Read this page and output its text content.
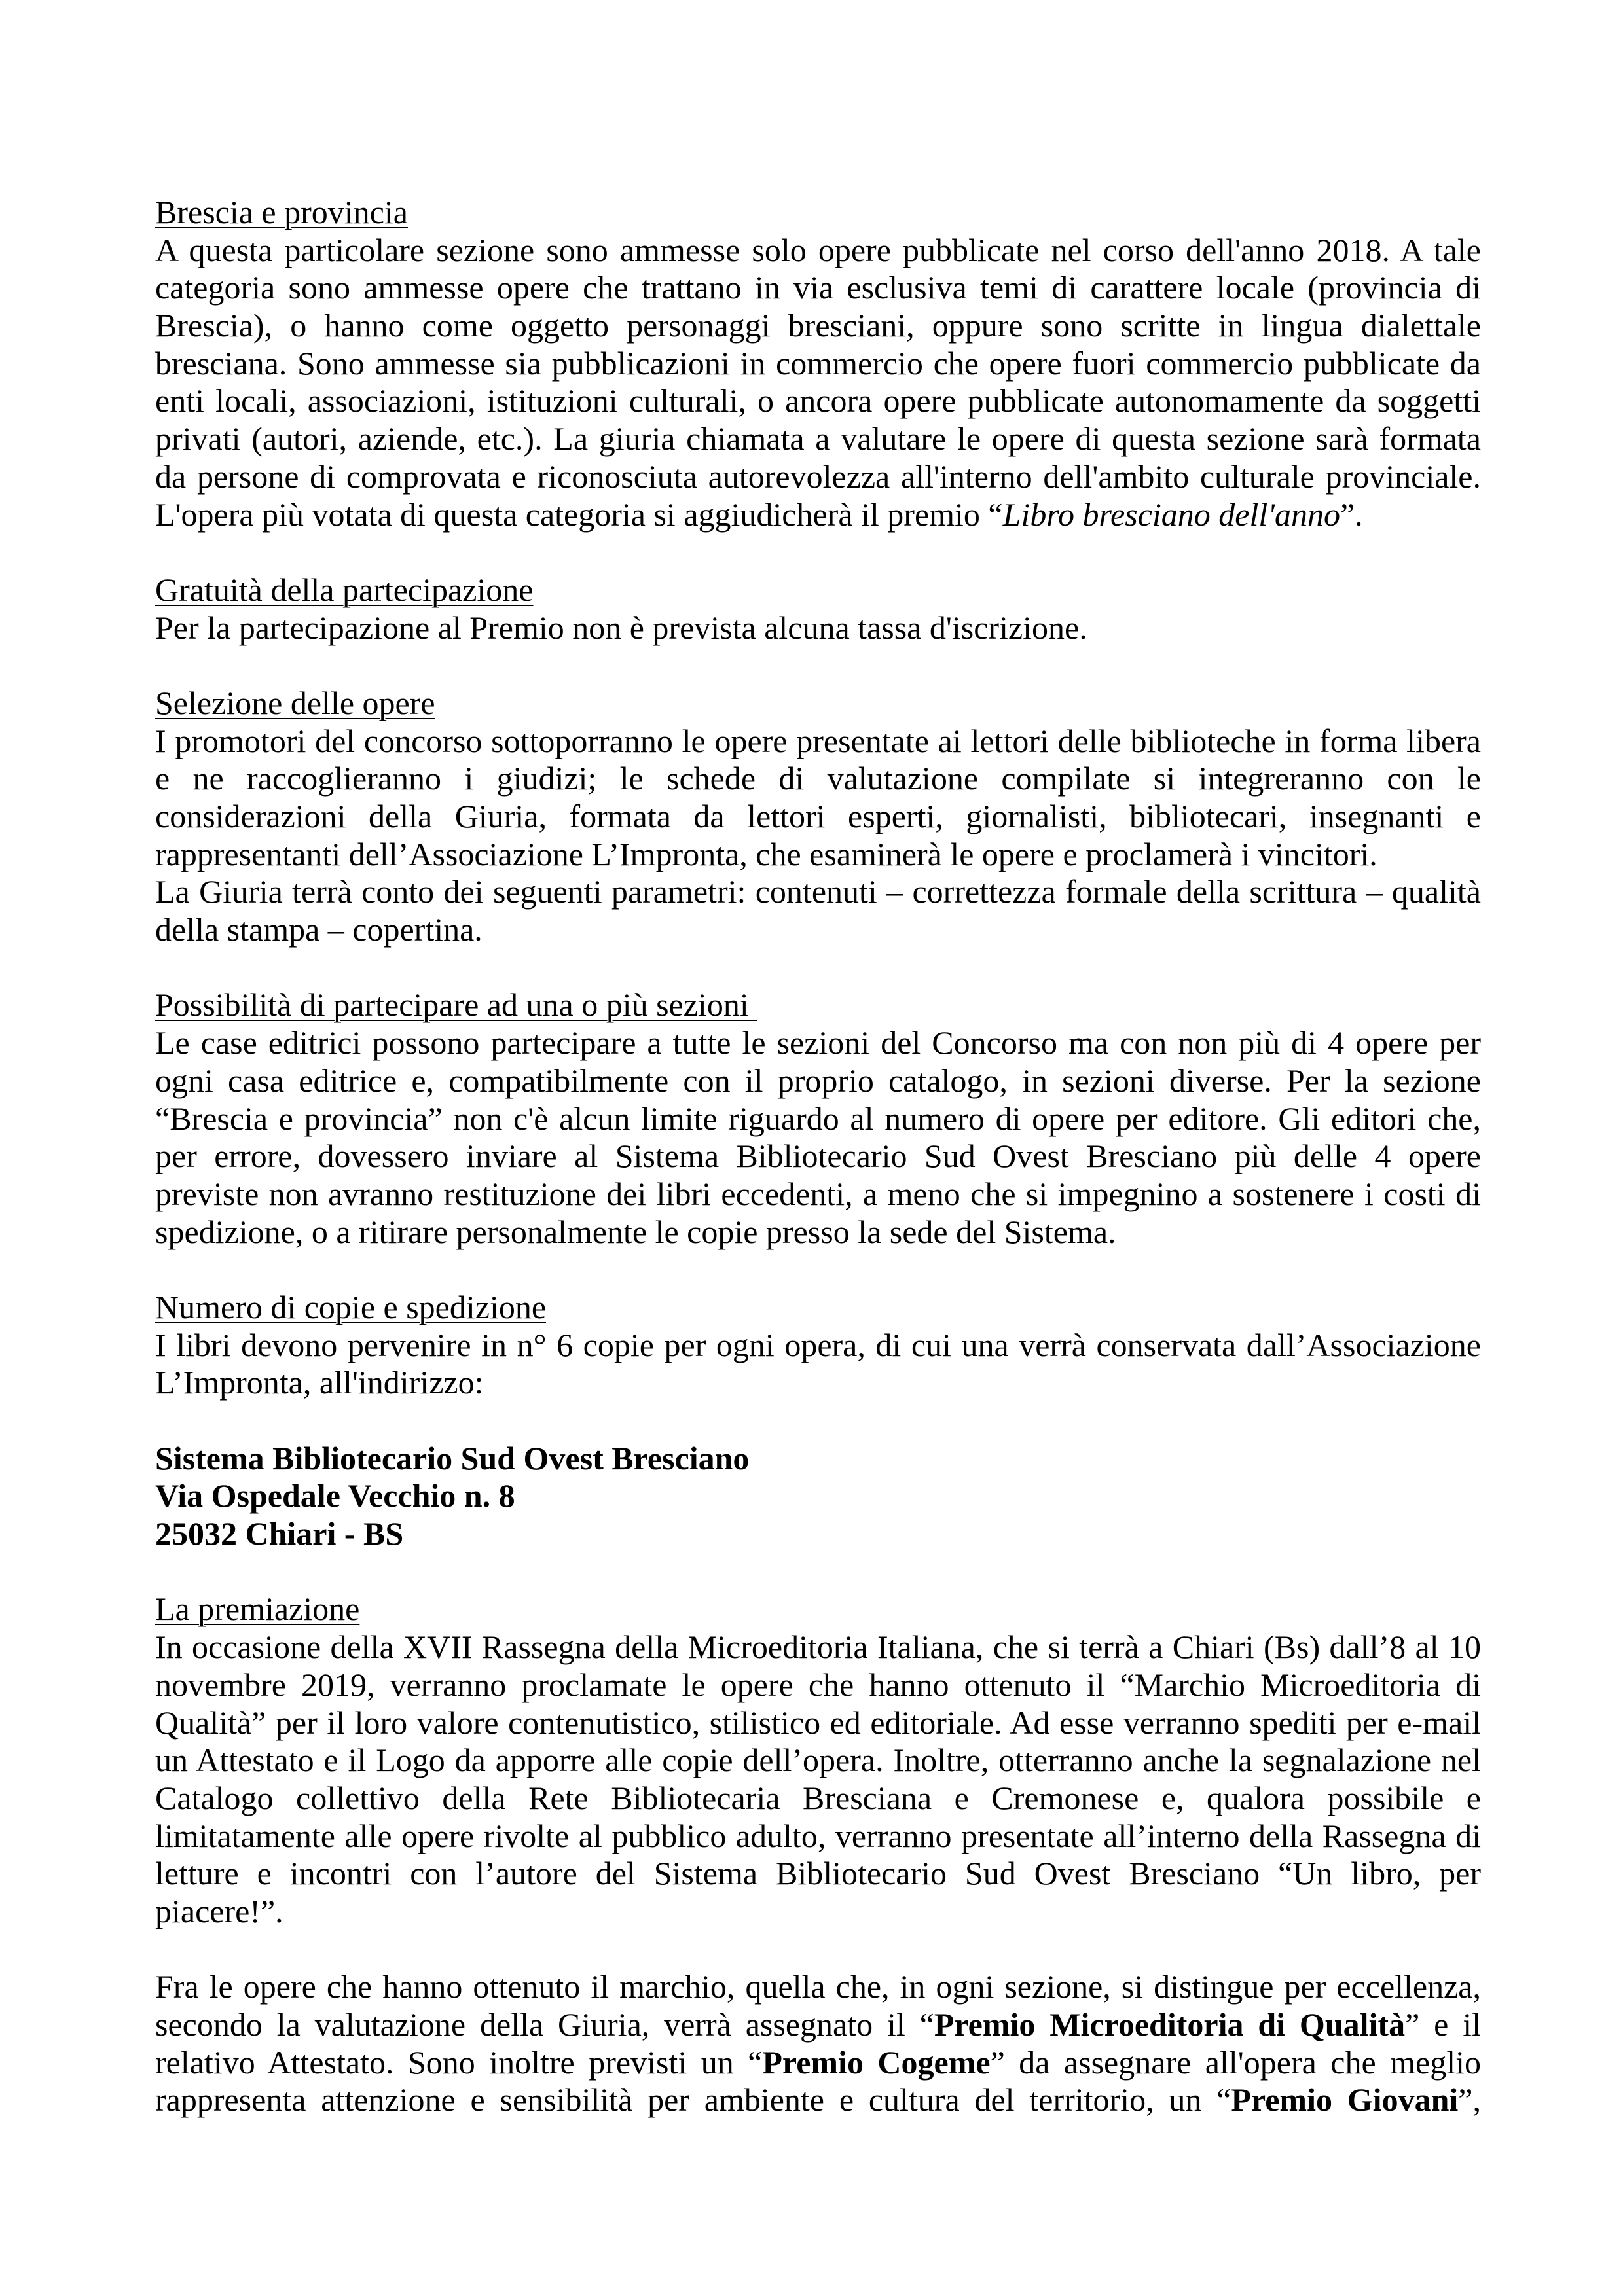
Brescia e provincia
A questa particolare sezione sono ammesse solo opere pubblicate nel corso dell'anno 2018. A tale
categoria sono ammesse opere che trattano in via esclusiva temi di carattere locale (provincia di
Brescia), o hanno come oggetto personaggi bresciani, oppure sono scritte in lingua dialettale
bresciana. Sono ammesse sia pubblicazioni in commercio che opere fuori commercio pubblicate da
enti locali, associazioni, istituzioni culturali, o ancora opere pubblicate autonomamente da soggetti
privati (autori, aziende, etc.). La giuria chiamata a valutare le opere di questa sezione sarà formata
da persone di comprovata e riconosciuta autorevolezza all'interno dell'ambito culturale provinciale.
L'opera più votata di questa categoria si aggiudicherà il premio “Libro bresciano dell'anno”.
Gratuità della partecipazione
Per la partecipazione al Premio non è prevista alcuna tassa d'iscrizione.
Selezione delle opere
I promotori del concorso sottoporranno le opere presentate ai lettori delle biblioteche in forma libera
e ne raccoglieranno i giudizi; le schede di valutazione compilate si integreranno con le
considerazioni della Giuria, formata da lettori esperti, giornalisti, bibliotecari, insegnanti e
rappresentanti dell’Associazione L’Impronta, che esaminerà le opere e proclamerà i vincitori.
La Giuria terrà conto dei seguenti parametri: contenuti – correttezza formale della scrittura – qualità
della stampa – copertina.
Possibilità di partecipare ad una o più sezioni
Le case editrici possono partecipare a tutte le sezioni del Concorso ma con non più di 4 opere per
ogni casa editrice e, compatibilmente con il proprio catalogo, in sezioni diverse. Per la sezione
“Brescia e provincia” non c'è alcun limite riguardo al numero di opere per editore. Gli editori che,
per errore, dovessero inviare al Sistema Bibliotecario Sud Ovest Bresciano più delle 4 opere
previste non avranno restituzione dei libri eccedenti, a meno che si impegnino a sostenere i costi di
spedizione, o a ritirare personalmente le copie presso la sede del Sistema.
Numero di copie e spedizione
I libri devono pervenire in n° 6 copie per ogni opera, di cui una verrà conservata dall’Associazione
L’Impronta, all'indirizzo:
Sistema Bibliotecario Sud Ovest Bresciano
Via Ospedale Vecchio n. 8
25032 Chiari - BS
La premiazione
In occasione della XVII Rassegna della Microeditoria Italiana, che si terrà a Chiari (Bs) dall’8 al 10
novembre 2019, verranno proclamate le opere che hanno ottenuto il “Marchio Microeditoria di
Qualità” per il loro valore contenutistico, stilistico ed editoriale. Ad esse verranno spediti per e-mail
un Attestato e il Logo da apporre alle copie dell’opera. Inoltre, otterranno anche la segnalazione nel
Catalogo collettivo della Rete Bibliotecaria Bresciana e Cremonese e, qualora possibile e
limitatamente alle opere rivolte al pubblico adulto, verranno presentate all’interno della Rassegna di
letture e incontri con l’autore del Sistema Bibliotecario Sud Ovest Bresciano “Un libro, per
piacere!”.
Fra le opere che hanno ottenuto il marchio, quella che, in ogni sezione, si distingue per eccellenza,
secondo la valutazione della Giuria, verrà assegnato il “Premio Microeditoria di Qualità” e il
relativo Attestato. Sono inoltre previsti un “Premio Cogeme” da assegnare all'opera che meglio
rappresenta attenzione e sensibilità per ambiente e cultura del territorio, un “Premio Giovani”,
